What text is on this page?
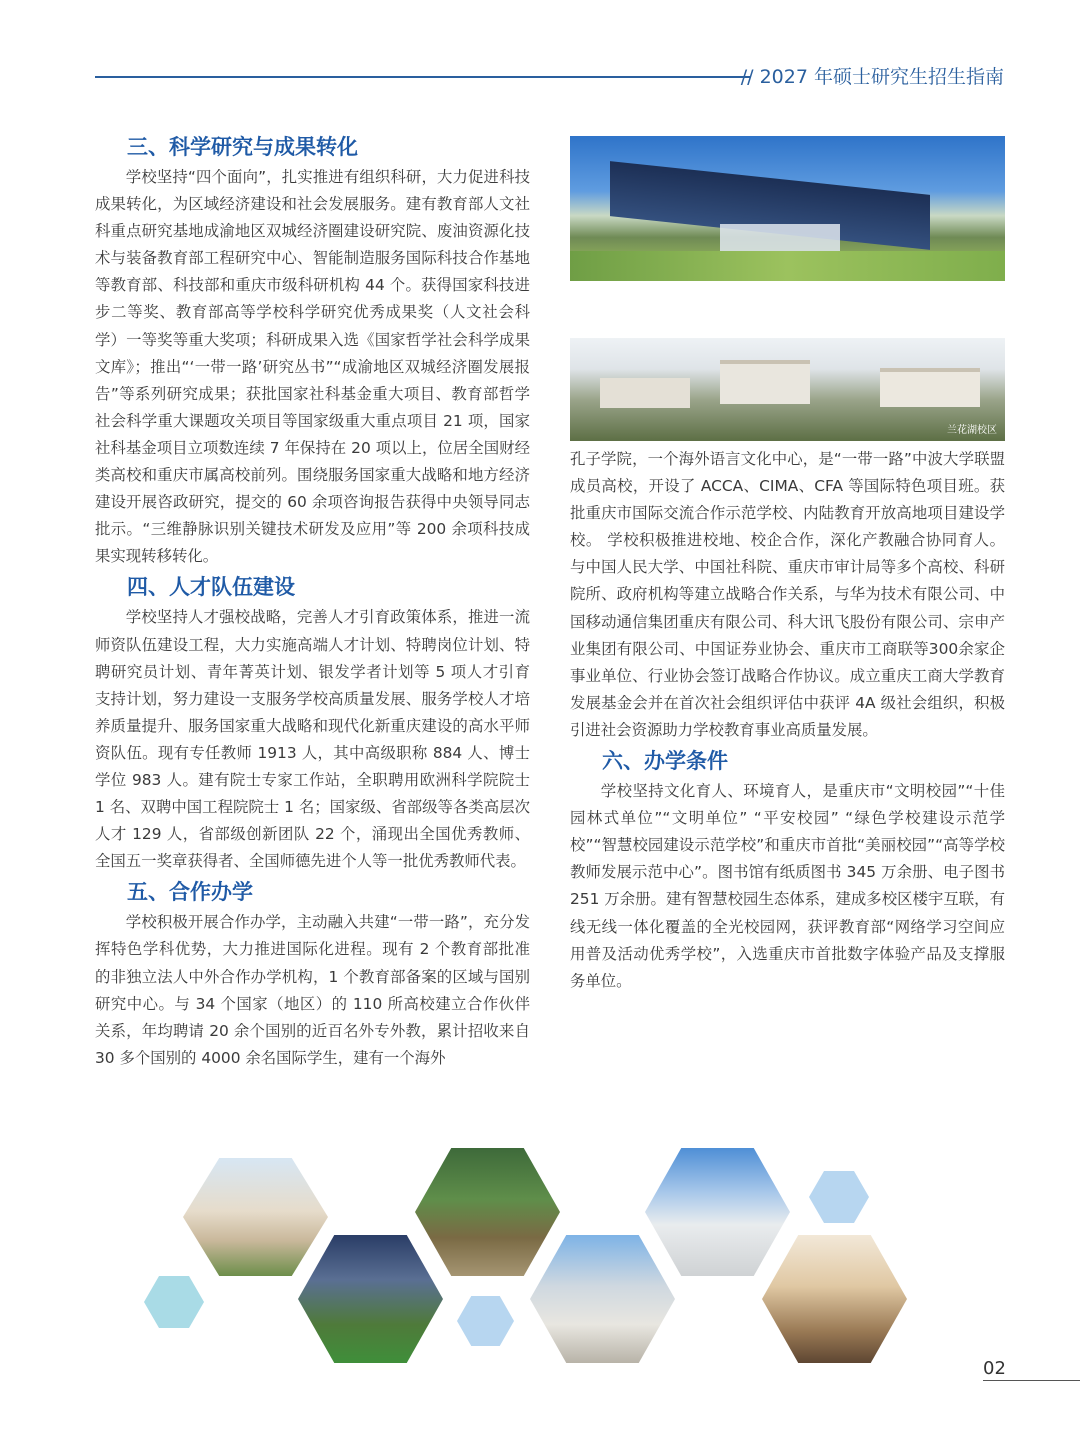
// 2027 年硕士研究生招生指南
三、科学研究与成果转化

学校坚持“四个面向”，扎实推进有组织科研，大力促进科技成果转化，为区域经济建设和社会发展服务。建有教育部人文社科重点研究基地成渝地区双城经济圈建设研究院、废油资源化技术与装备教育部工程研究中心、智能制造服务国际科技合作基地等教育部、科技部和重庆市级科研机构 44 个。获得国家科技进步二等奖、教育部高等学校科学研究优秀成果奖（人文社会科学）一等奖等重大奖项；科研成果入选《国家哲学社会科学成果文库》；推出“‘一带一路’研究丛书”“成渝地区双城经济圈发展报告”等系列研究成果；获批国家社科基金重大项目、教育部哲学社会科学重大课题攻关项目等国家级重大重点项目 21 项，国家社科基金项目立项数连续 7 年保持在 20 项以上，位居全国财经类高校和重庆市属高校前列。围绕服务国家重大战略和地方经济建设开展咨政研究，提交的 60 余项咨询报告获得中央领导同志批示。“三维静脉识别关键技术研发及应用”等 200 余项科技成果实现转移转化。

四、人才队伍建设

学校坚持人才强校战略，完善人才引育政策体系，推进一流师资队伍建设工程，大力实施高端人才计划、特聘岗位计划、特聘研究员计划、青年菁英计划、银发学者计划等 5 项人才引育支持计划，努力建设一支服务学校高质量发展、服务学校人才培养质量提升、服务国家重大战略和现代化新重庆建设的高水平师资队伍。现有专任教师 1913 人，其中高级职称 884 人、博士学位 983 人。建有院士专家工作站，全职聘用欧洲科学院院士 1 名、双聘中国工程院院士 1 名；国家级、省部级等各类高层次人才 129 人，省部级创新团队 22 个，涌现出全国优秀教师、全国五一奖章获得者、全国师德先进个人等一批优秀教师代表。

五、合作办学

学校积极开展合作办学，主动融入共建“一带一路”，充分发挥特色学科优势，大力推进国际化进程。现有 2 个教育部批准的非独立法人中外合作办学机构，1 个教育部备案的区域与国别研究中心。与 34 个国家（地区）的 110 所高校建立合作伙伴关系，年均聘请 20 余个国别的近百名外专外教，累计招收来自 30 多个国别的 4000 余名国际学生，建有一个海外

兰花湖校区

孔子学院，一个海外语言文化中心，是“一带一路”中波大学联盟成员高校，开设了 ACCA、CIMA、CFA 等国际特色项目班。获批重庆市国际交流合作示范学校、内陆教育开放高地项目建设学校。 学校积极推进校地、校企合作，深化产教融合协同育人。与中国人民大学、中国社科院、重庆市审计局等多个高校、科研院所、政府机构等建立战略合作关系，与华为技术有限公司、中国移动通信集团重庆有限公司、科大讯飞股份有限公司、宗申产业集团有限公司、中国证券业协会、重庆市工商联等300余家企事业单位、行业协会签订战略合作协议。成立重庆工商大学教育发展基金会并在首次社会组织评估中获评 4A 级社会组织，积极引进社会资源助力学校教育事业高质量发展。

六、办学条件

学校坚持文化育人、环境育人，是重庆市“文明校园”“十佳园林式单位”“文明单位” “平安校园” “绿色学校建设示范学校”“智慧校园建设示范学校”和重庆市首批“美丽校园”“高等学校教师发展示范中心”。图书馆有纸质图书 345 万余册、电子图书 251 万余册。建有智慧校园生态体系，建成多校区楼宇互联，有线无线一体化覆盖的全光校园网，获评教育部“网络学习空间应用普及活动优秀学校”，入选重庆市首批数字体验产品及支撑服务单位。

02
